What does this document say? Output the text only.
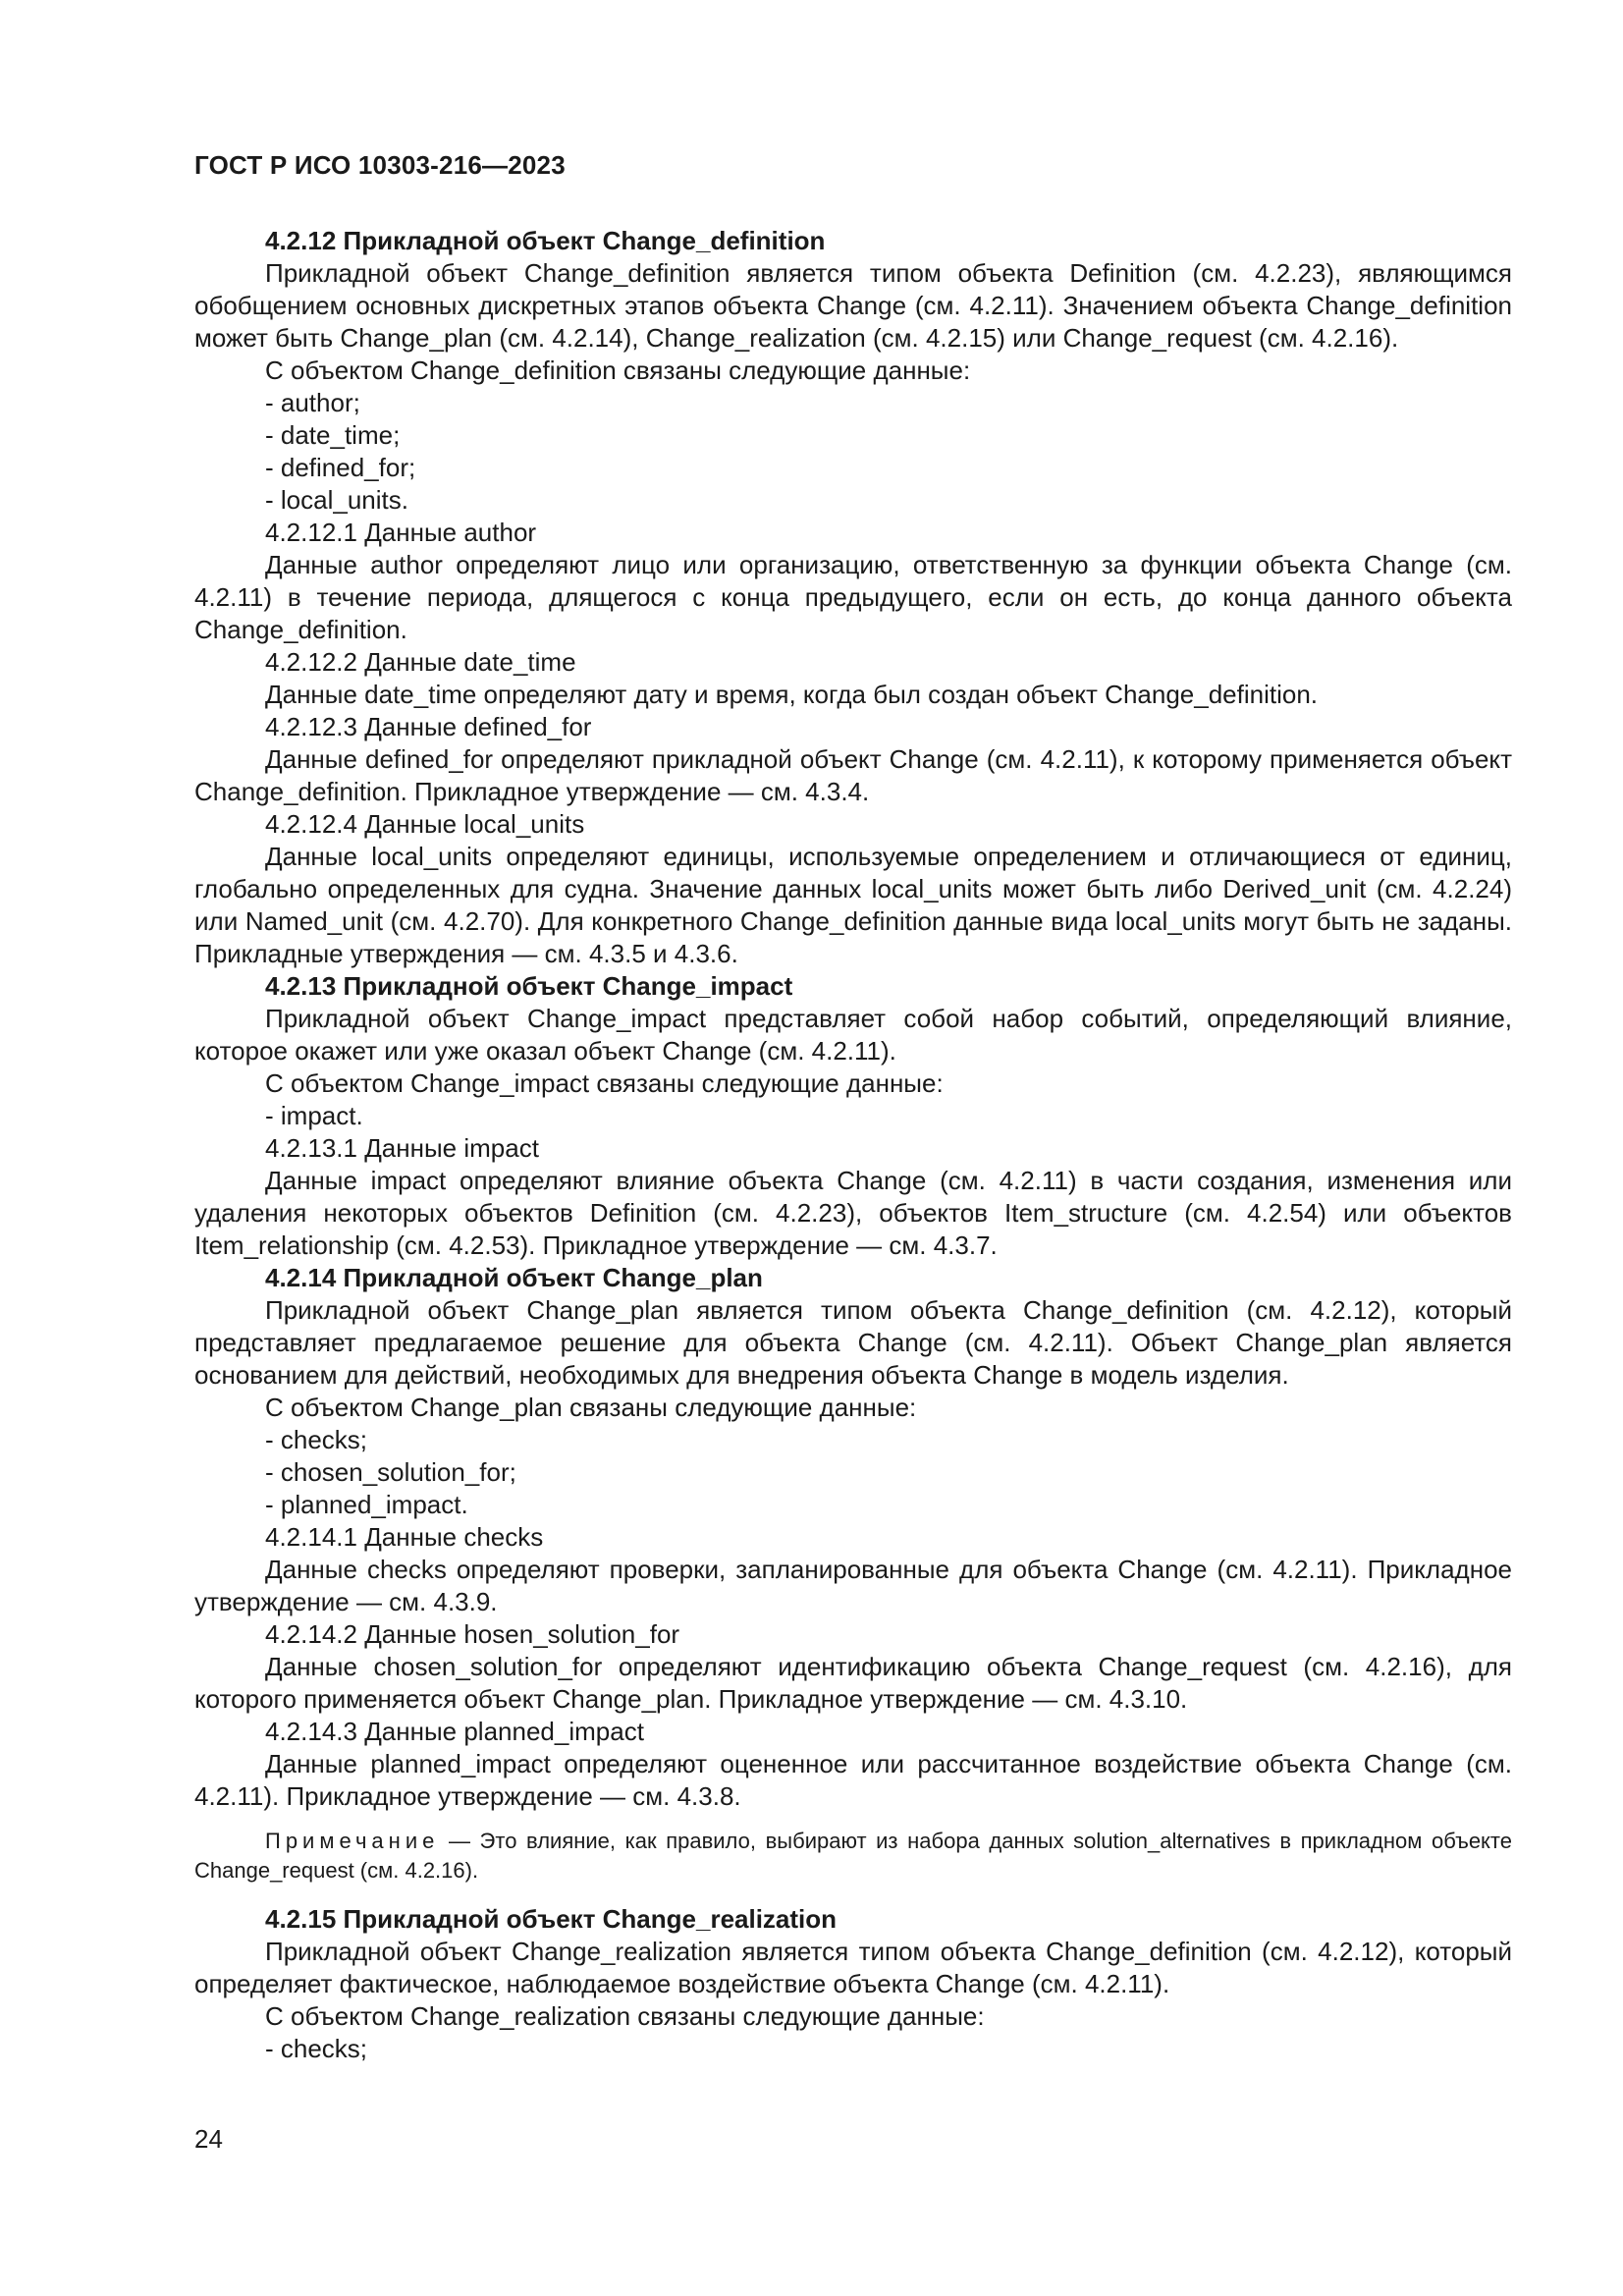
ГОСТ Р ИСО 10303-216—2023

4.2.12 Прикладной объект Change_definition

Прикладной объект Change_definition является типом объекта Definition (см. 4.2.23), являющимся обобщением основных дискретных этапов объекта Change (см. 4.2.11). Значением объекта Change_definition может быть Change_plan (см. 4.2.14), Change_realization (см. 4.2.15) или Change_request (см. 4.2.16).

С объектом Change_definition связаны следующие данные:

- author;

- date_time;

- defined_for;

- local_units.

4.2.12.1 Данные author

Данные author определяют лицо или организацию, ответственную за функции объекта Change (см. 4.2.11) в течение периода, длящегося с конца предыдущего, если он есть, до конца данного объекта Change_definition.

4.2.12.2 Данные date_time

Данные date_time определяют дату и время, когда был создан объект Change_definition.

4.2.12.3 Данные defined_for

Данные defined_for определяют прикладной объект Change (см. 4.2.11), к которому применяется объект Change_definition. Прикладное утверждение — см. 4.3.4.

4.2.12.4 Данные local_units

Данные local_units определяют единицы, используемые определением и отличающиеся от единиц, глобально определенных для судна. Значение данных local_units может быть либо Derived_unit (см. 4.2.24) или Named_unit (см. 4.2.70). Для конкретного Change_definition данные вида local_units могут быть не заданы. Прикладные утверждения — см. 4.3.5 и 4.3.6.

4.2.13 Прикладной объект Change_impact

Прикладной объект Change_impact представляет собой набор событий, определяющий влияние, которое окажет или уже оказал объект Change (см. 4.2.11).

С объектом Change_impact связаны следующие данные:

- impact.

4.2.13.1 Данные impact

Данные impact определяют влияние объекта Change (см. 4.2.11) в части создания, изменения или удаления некоторых объектов Definition (см. 4.2.23), объектов Item_structure (см. 4.2.54) или объектов Item_relationship (см. 4.2.53). Прикладное утверждение — см. 4.3.7.

4.2.14 Прикладной объект Change_plan

Прикладной объект Change_plan является типом объекта Change_definition (см. 4.2.12), который представляет предлагаемое решение для объекта Change (см. 4.2.11). Объект Change_plan является основанием для действий, необходимых для внедрения объекта Change в модель изделия.

С объектом Change_plan связаны следующие данные:

- checks;

- chosen_solution_for;

- planned_impact.

4.2.14.1 Данные checks

Данные checks определяют проверки, запланированные для объекта Change (см. 4.2.11). Прикладное утверждение — см. 4.3.9.

4.2.14.2 Данные hosen_solution_for

Данные chosen_solution_for определяют идентификацию объекта Change_request (см. 4.2.16), для которого применяется объект Change_plan. Прикладное утверждение — см. 4.3.10.

4.2.14.3 Данные planned_impact

Данные planned_impact определяют оцененное или рассчитанное воздействие объекта Change (см. 4.2.11). Прикладное утверждение — см. 4.3.8.

Примечание — Это влияние, как правило, выбирают из набора данных solution_alternatives в прикладном объекте Change_request (см. 4.2.16).

4.2.15 Прикладной объект Change_realization

Прикладной объект Change_realization является типом объекта Change_definition (см. 4.2.12), который определяет фактическое, наблюдаемое воздействие объекта Change (см. 4.2.11).

С объектом Change_realization связаны следующие данные:

- checks;

24
